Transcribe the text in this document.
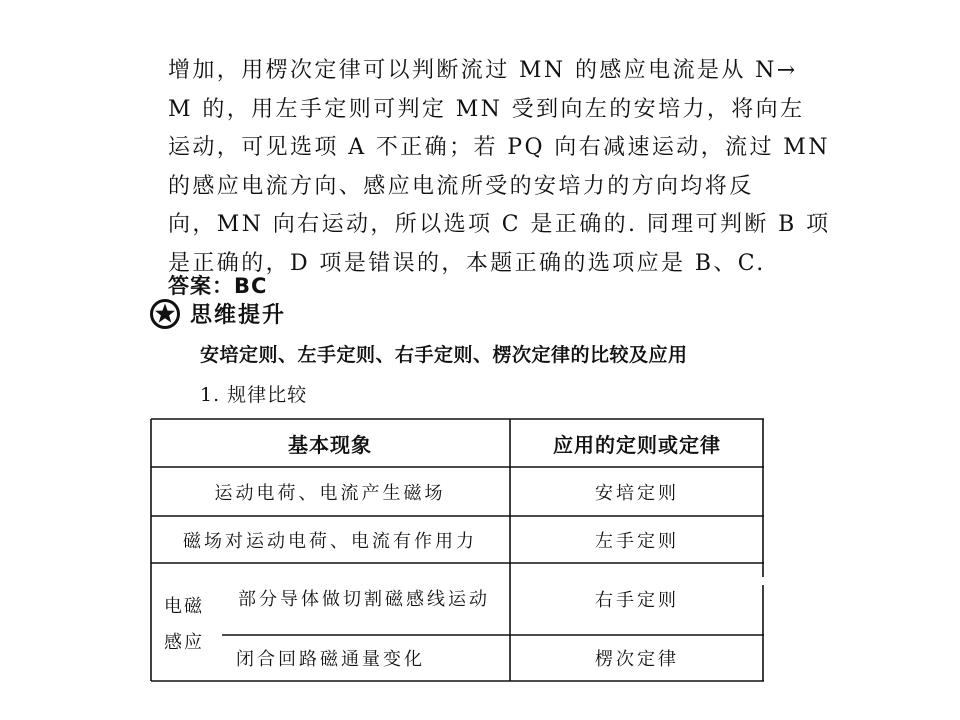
增加，用楞次定律可以判断流过 MN 的感应电流是从 N→
M 的，用左手定则可判定 MN 受到向左的安培力，将向左
运动，可见选项 A 不正确；若 PQ 向右减速运动，流过 MN
的感应电流方向、感应电流所受的安培力的方向均将反
向，MN 向右运动，所以选项 C 是正确的. 同理可判断 B 项
是正确的，D 项是错误的，本题正确的选项应是 B、C.
答案：BC
思维提升
安培定则、左手定则、右手定则、楞次定律的比较及应用
1. 规律比较
基本现象	应用的定则或定律
运动电荷、电流产生磁场	安培定则
磁场对运动电荷、电流有作用力	左手定则
电磁感应
部分导体做切割磁感线运动	右手定则
闭合回路磁通量变化	楞次定律
